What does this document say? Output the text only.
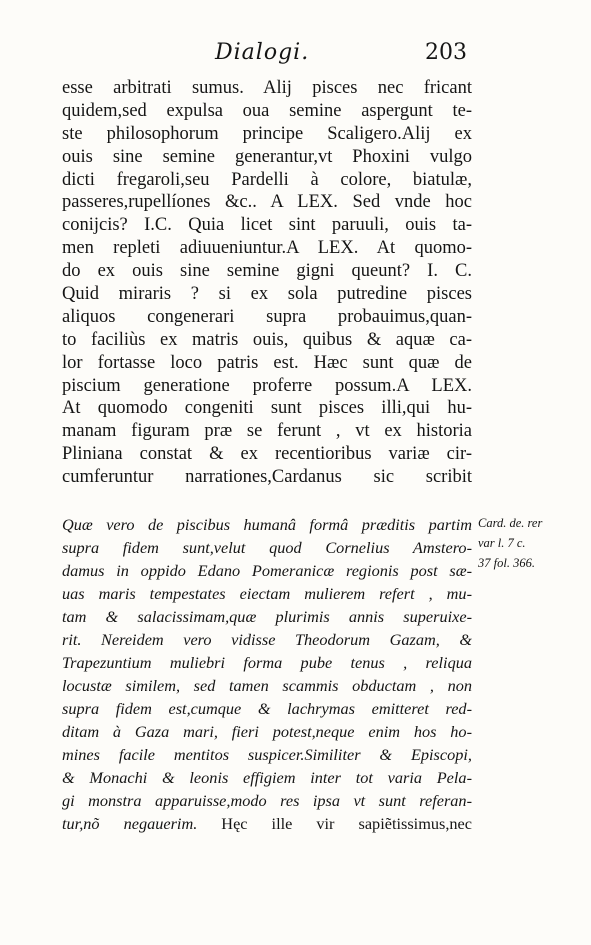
Dialogi.	203
esse arbitrati sumus. Alij pisces nec fricant
quidem,sed expulsa oua semine aspergunt te-
ste philosophorum principe Scaligero.Alij ex
ouis sine semine generantur,vt Phoxini vulgo
dicti fregaroli,seu Pardelli à colore, biatulæ,
passeres,rupellíones &c.. A LEX. Sed vnde hoc
conijcis? I.C. Quia licet sint paruuli, ouis ta-
men repleti adiuueniuntur.A LEX. At quomo-
do ex ouis sine semine gigni queunt? I. C.
Quid miraris ? si ex sola putredine pisces
aliquos congenerari supra probauimus,quan-
to faciliùs ex matris ouis, quibus & aquæ ca-
lor fortasse loco patris est. Hæc sunt quæ de
piscium generatione proferre possum.A LEX.
At quomodo congeniti sunt pisces illi,qui hu-
manam figuram præ se ferunt , vt ex historia
Pliniana constat & ex recentioribus variæ cir-
cumferuntur narrationes,Cardanus sic scribit
Quæ vero de piscibus humanâ formâ præditis partim
supra fidem sunt,velut quod Cornelius Amstero-
damus in oppido Edano Pomeranicæ regionis post sæ-
uas maris tempestates eiectam mulierem refert , mu-
tam & salacissimam,quæ plurimis annis superuixe-
rit. Nereidem vero vidisse Theodorum Gazam, &
Trapezuntium muliebri forma pube tenus , reliqua
locustæ similem, sed tamen scammis obductam , non
supra fidem est,cumque & lachrymas emitteret red-
ditam à Gaza mari, fieri potest,neque enim hos ho-
mines facile mentitos suspicer.Similiter & Episcopi,
& Monachi & leonis effigiem inter tot varia Pela-
gi monstra apparuisse,modo res ipsa vt sunt referan-
tur,nõ negauerim. Hęc ille vir sapiẽtissimus,nec
Card. de. rer
var l. 7 c.
37 fol. 366.
